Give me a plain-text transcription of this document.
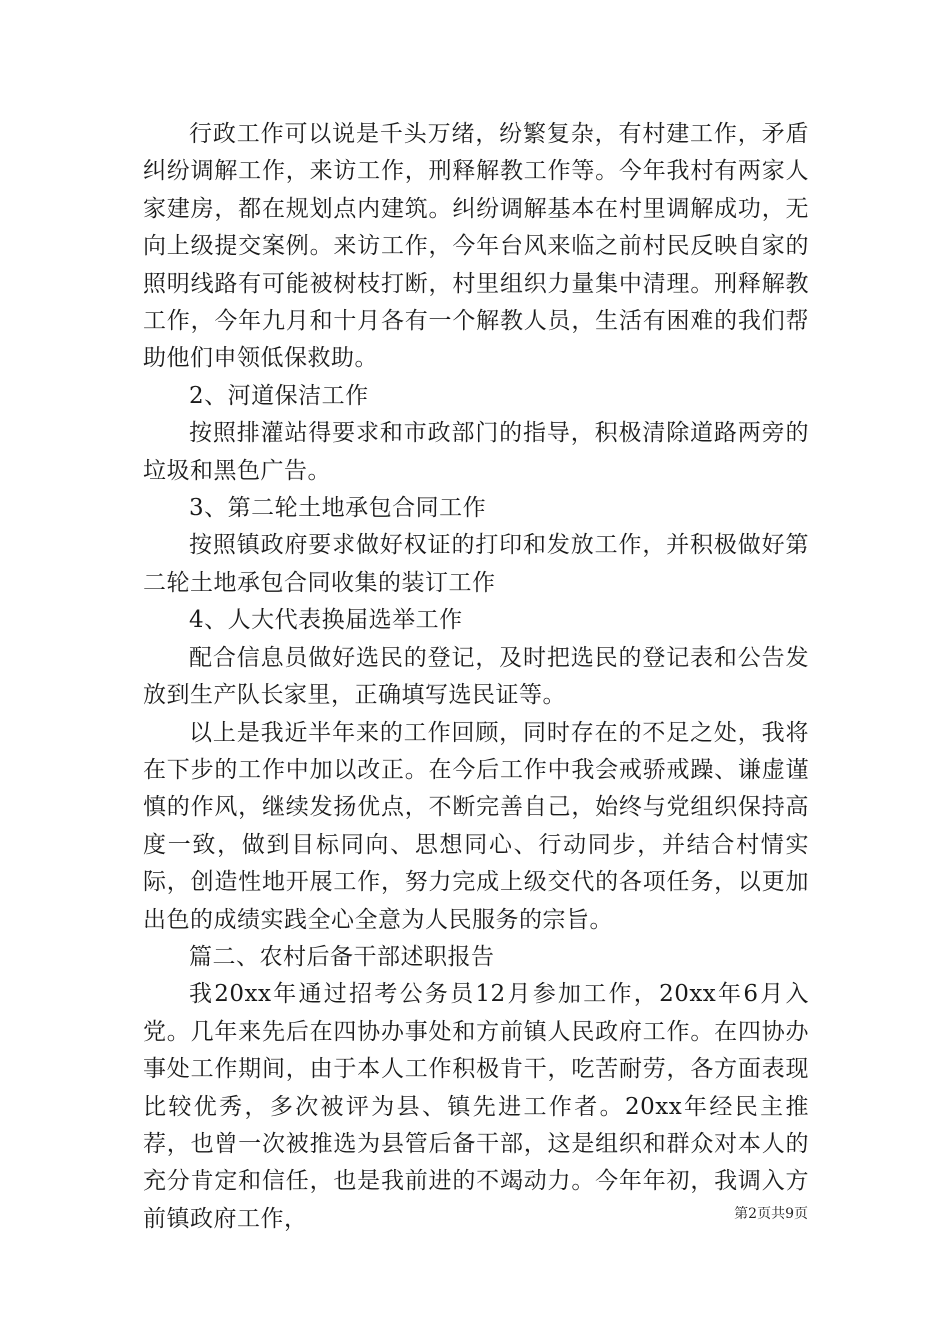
行政工作可以说是千头万绪，纷繁复杂，有村建工作，矛盾纠纷调解工作，来访工作，刑释解教工作等。今年我村有两家人家建房，都在规划点内建筑。纠纷调解基本在村里调解成功，无向上级提交案例。来访工作，今年台风来临之前村民反映自家的照明线路有可能被树枝打断，村里组织力量集中清理。刑释解教工作，今年九月和十月各有一个解教人员，生活有困难的我们帮助他们申领低保救助。

2、河道保洁工作

按照排灌站得要求和市政部门的指导，积极清除道路两旁的垃圾和黑色广告。

3、第二轮土地承包合同工作

按照镇政府要求做好权证的打印和发放工作，并积极做好第二轮土地承包合同收集的装订工作

4、人大代表换届选举工作

配合信息员做好选民的登记，及时把选民的登记表和公告发放到生产队长家里，正确填写选民证等。

以上是我近半年来的工作回顾，同时存在的不足之处，我将在下步的工作中加以改正。在今后工作中我会戒骄戒躁、谦虚谨慎的作风，继续发扬优点，不断完善自己，始终与党组织保持高度一致，做到目标同向、思想同心、行动同步，并结合村情实际，创造性地开展工作，努力完成上级交代的各项任务，以更加出色的成绩实践全心全意为人民服务的宗旨。

篇二、农村后备干部述职报告

我20xx年通过招考公务员12月参加工作，20xx年6月入党。几年来先后在四协办事处和方前镇人民政府工作。在四协办事处工作期间，由于本人工作积极肯干，吃苦耐劳，各方面表现比较优秀，多次被评为县、镇先进工作者。20xx年经民主推荐，也曾一次被推选为县管后备干部，这是组织和群众对本人的充分肯定和信任，也是我前进的不竭动力。今年年初，我调入方前镇政府工作，	第2页共9页
